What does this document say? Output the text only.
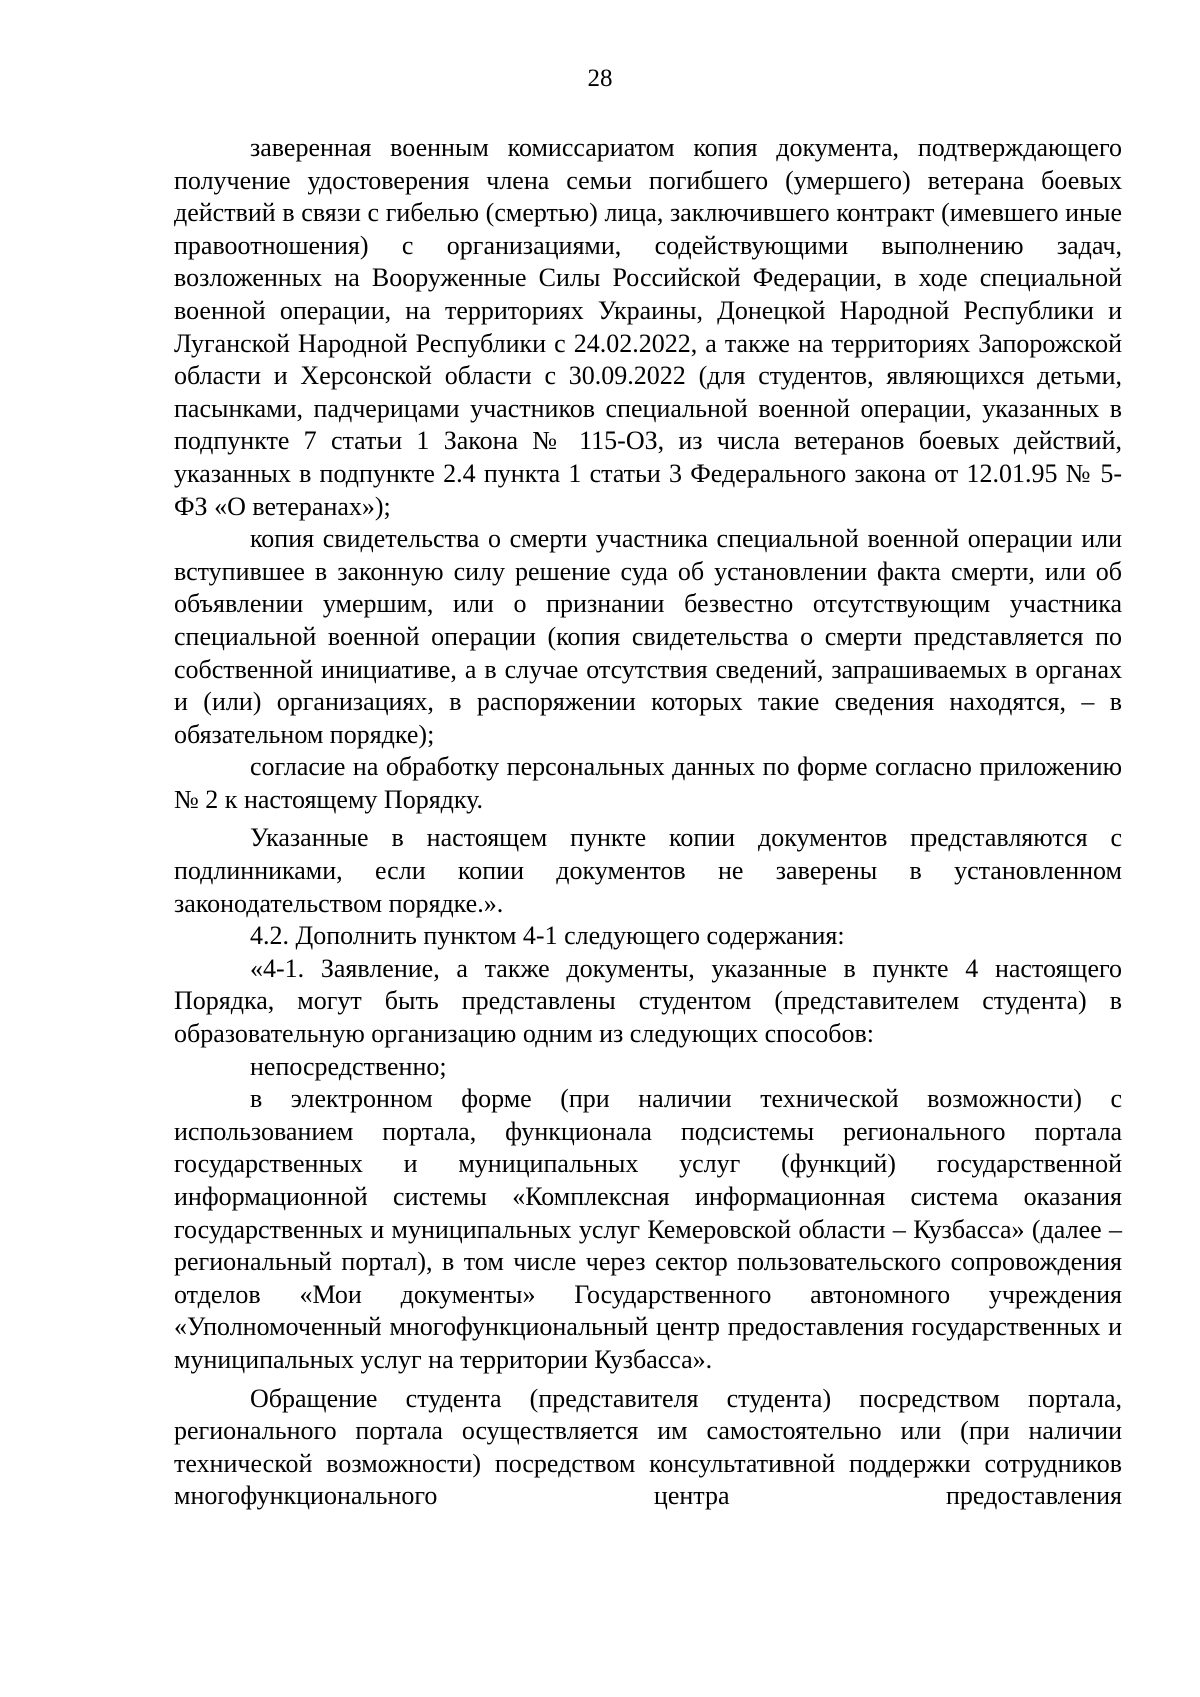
28

заверенная военным комиссариатом копия документа, подтверждающего получение удостоверения члена семьи погибшего (умершего) ветерана боевых действий в связи с гибелью (смертью) лица, заключившего контракт (имевшего иные правоотношения) с организациями, содействующими выполнению задач, возложенных на Вооруженные Силы Российской Федерации, в ходе специальной военной операции, на территориях Украины, Донецкой Народной Республики и Луганской Народной Республики с 24.02.2022, а также на территориях Запорожской области и Херсонской области с 30.09.2022 (для студентов, являющихся детьми, пасынками, падчерицами участников специальной военной операции, указанных в подпункте 7 статьи 1 Закона № 115-ОЗ, из числа ветеранов боевых действий, указанных в подпункте 2.4 пункта 1 статьи 3 Федерального закона от 12.01.95 № 5-ФЗ «О ветеранах»);

копия свидетельства о смерти участника специальной военной операции или вступившее в законную силу решение суда об установлении факта смерти, или об объявлении умершим, или о признании безвестно отсутствующим участника специальной военной операции (копия свидетельства о смерти представляется по собственной инициативе, а в случае отсутствия сведений, запрашиваемых в органах и (или) организациях, в распоряжении которых такие сведения находятся, – в обязательном порядке);

согласие на обработку персональных данных по форме согласно приложению № 2 к настоящему Порядку.

Указанные в настоящем пункте копии документов представляются с подлинниками, если копии документов не заверены в установленном законодательством порядке.».

4.2. Дополнить пунктом 4-1 следующего содержания:

«4-1. Заявление, а также документы, указанные в пункте 4 настоящего Порядка, могут быть представлены студентом (представителем студента) в образовательную организацию одним из следующих способов:

непосредственно;

в электронном форме (при наличии технической возможности) с использованием портала, функционала подсистемы регионального портала государственных и муниципальных услуг (функций) государственной информационной системы «Комплексная информационная система оказания государственных и муниципальных услуг Кемеровской области – Кузбасса» (далее – региональный портал), в том числе через сектор пользовательского сопровождения отделов «Мои документы» Государственного автономного учреждения «Уполномоченный многофункциональный центр предоставления государственных и муниципальных услуг на территории Кузбасса».

Обращение студента (представителя студента) посредством портала, регионального портала осуществляется им самостоятельно или (при наличии технической возможности) посредством консультативной поддержки сотрудников многофункционального центра предоставления
